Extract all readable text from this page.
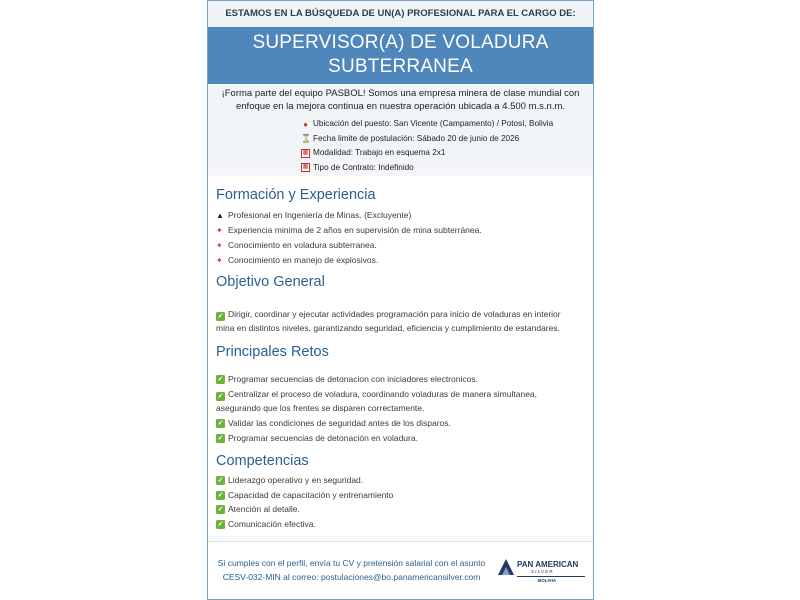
ESTAMOS EN LA BÚSQUEDA DE UN(A) PROFESIONAL PARA EL CARGO DE:
SUPERVISOR(A) DE VOLADURA
SUBTERRANEA
¡Forma parte del equipo PASBOL! Somos una empresa minera de clase mundial con enfoque en la mejora continua en nuestra operación ubicada a 4.500 m.s.n.m.
● Ubicación del puesto: San Vicente (Campamento) / Potosí, Bolivia
⌛ Fecha limite de postulación: Sábado 20 de junio de 2026
▦ Modalidad: Trabajo en esquema 2x1
▦ Tipo de Contrato: Indefinido
Formación y Experiencia
▲ Profesional en Ingeniería de Minas. (Excluyente)
✦ Experiencia minima de 2 años en supervisión de mina subterránea.
✦ Conocimiento en voladura subterranea.
✦ Conocimiento en manejo de explosivos.
Objetivo General
✓ Dirigir, coordinar y ejecutar actividades programación para inicio de voladuras en interior mina en distintos niveles, garantizando seguridad, eficiencia y cumplimiento de estandares.
Principales Retos
✓ Programar secuencias de detonacion con iniciadores electronicos.
✓ Centralizar el proceso de voladura, coordinando voladuras de manera simultanea, asegurando que los frentes se disparen correctamente.
✓ Validar las condiciones de seguridad antes de los disparos.
✓ Programar secuencias de detonación en voladura.
Competencias
✓ Liderazgo operativo y en seguridad.
✓ Capacidad de capacitación y entrenamiento
✓ Atención al detalle.
✓ Comunicación efectiva.
Si cumples con el perfil, envía tu CV y pretensión salarial con el asunto
CESV-032-MIN al correo: postulaciones@bo.panamericansilver.com
PAN AMERICAN
SILVER
BOLIVIA
